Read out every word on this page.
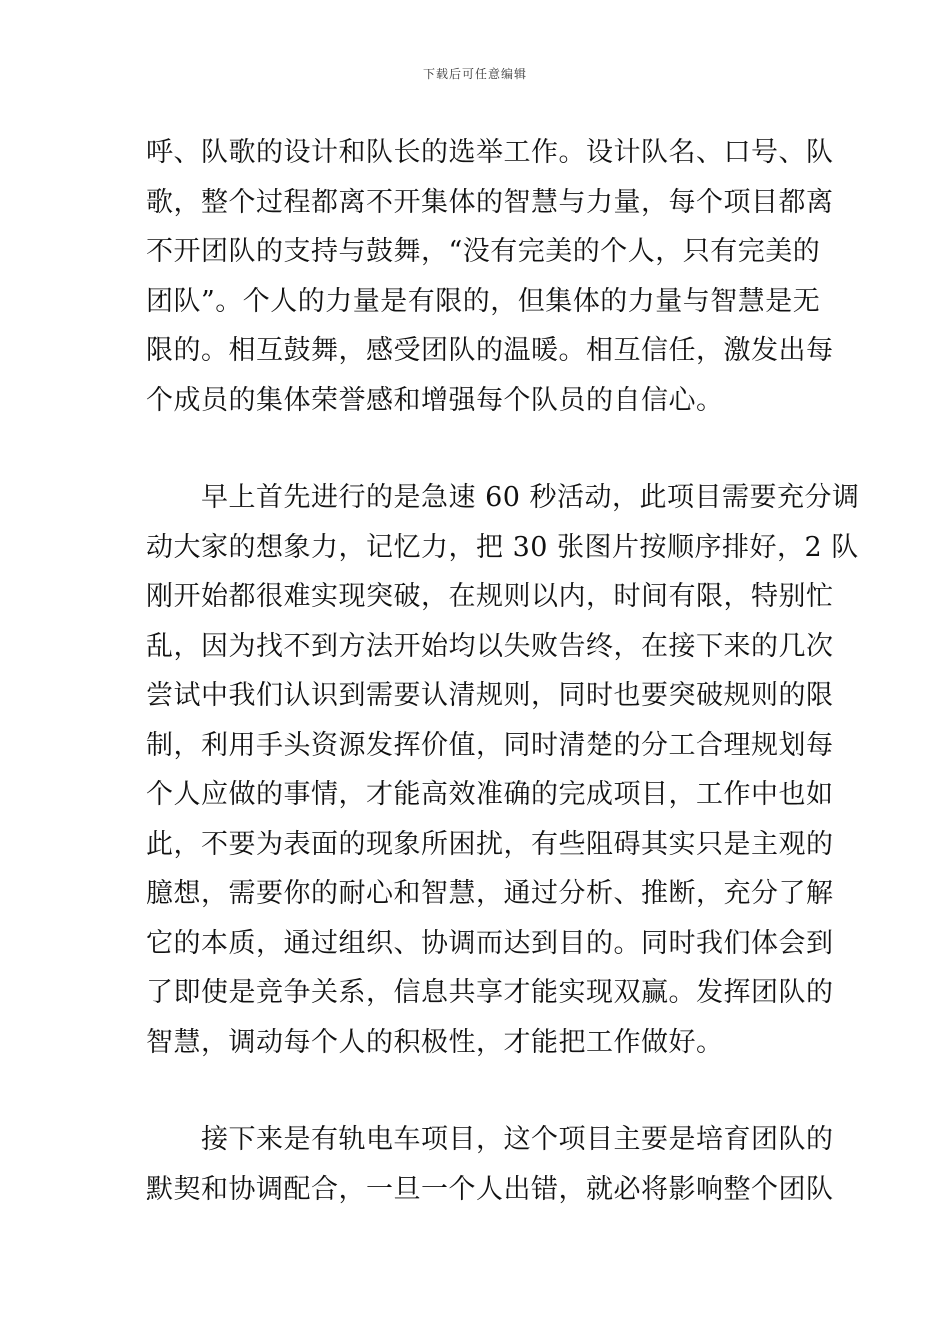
下载后可任意编辑
呼、队歌的设计和队长的选举工作。设计队名、口号、队
歌，整个过程都离不开集体的智慧与力量，每个项目都离
不开团队的支持与鼓舞，“没有完美的个人，只有完美的
团队”。个人的力量是有限的，但集体的力量与智慧是无
限的。相互鼓舞，感受团队的温暖。相互信任，激发出每
个成员的集体荣誉感和增强每个队员的自信心。
　　早上首先进行的是急速 60 秒活动，此项目需要充分调
动大家的想象力，记忆力，把 30 张图片按顺序排好，2 队
刚开始都很难实现突破，在规则以内，时间有限，特别忙
乱，因为找不到方法开始均以失败告终，在接下来的几次
尝试中我们认识到需要认清规则，同时也要突破规则的限
制，利用手头资源发挥价值，同时清楚的分工合理规划每
个人应做的事情，才能高效准确的完成项目，工作中也如
此，不要为表面的现象所困扰，有些阻碍其实只是主观的
臆想，需要你的耐心和智慧，通过分析、推断，充分了解
它的本质，通过组织、协调而达到目的。同时我们体会到
了即使是竞争关系，信息共享才能实现双赢。发挥团队的
智慧，调动每个人的积极性，才能把工作做好。
　　接下来是有轨电车项目，这个项目主要是培育团队的
默契和协调配合，一旦一个人出错，就必将影响整个团队
